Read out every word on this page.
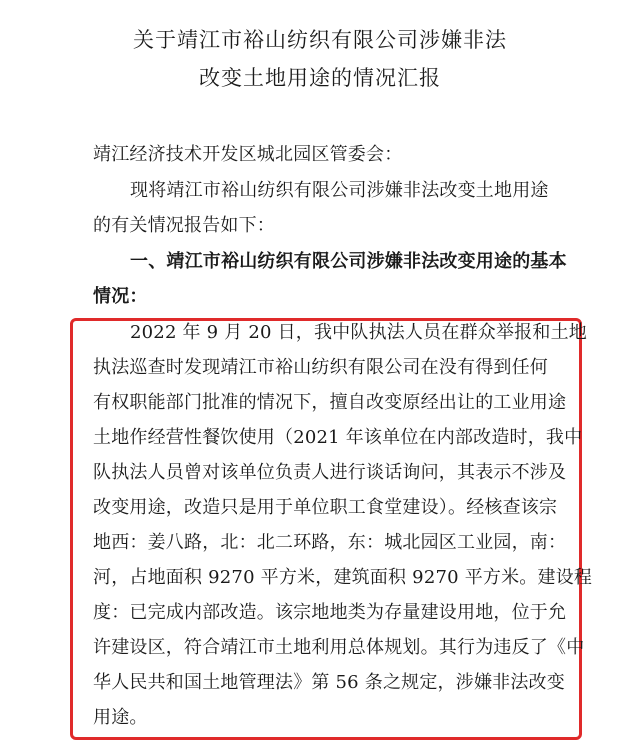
关于靖江市裕山纺织有限公司涉嫌非法
改变土地用途的情况汇报
靖江经济技术开发区城北园区管委会：
现将靖江市裕山纺织有限公司涉嫌非法改变土地用途
的有关情况报告如下：
一、靖江市裕山纺织有限公司涉嫌非法改变用途的基本
情况：
2022 年 9 月 20 日，我中队执法人员在群众举报和土地
执法巡查时发现靖江市裕山纺织有限公司在没有得到任何
有权职能部门批准的情况下，擅自改变原经出让的工业用途
土地作经营性餐饮使用（2021 年该单位在内部改造时，我中
队执法人员曾对该单位负责人进行谈话询问，其表示不涉及
改变用途，改造只是用于单位职工食堂建设）。经核查该宗
地西：姜八路，北：北二环路，东：城北园区工业园，南：
河，占地面积 9270 平方米，建筑面积 9270 平方米。建设程
度：已完成内部改造。该宗地地类为存量建设用地，位于允
许建设区，符合靖江市土地利用总体规划。其行为违反了《中
华人民共和国土地管理法》第 56 条之规定，涉嫌非法改变
用途。
